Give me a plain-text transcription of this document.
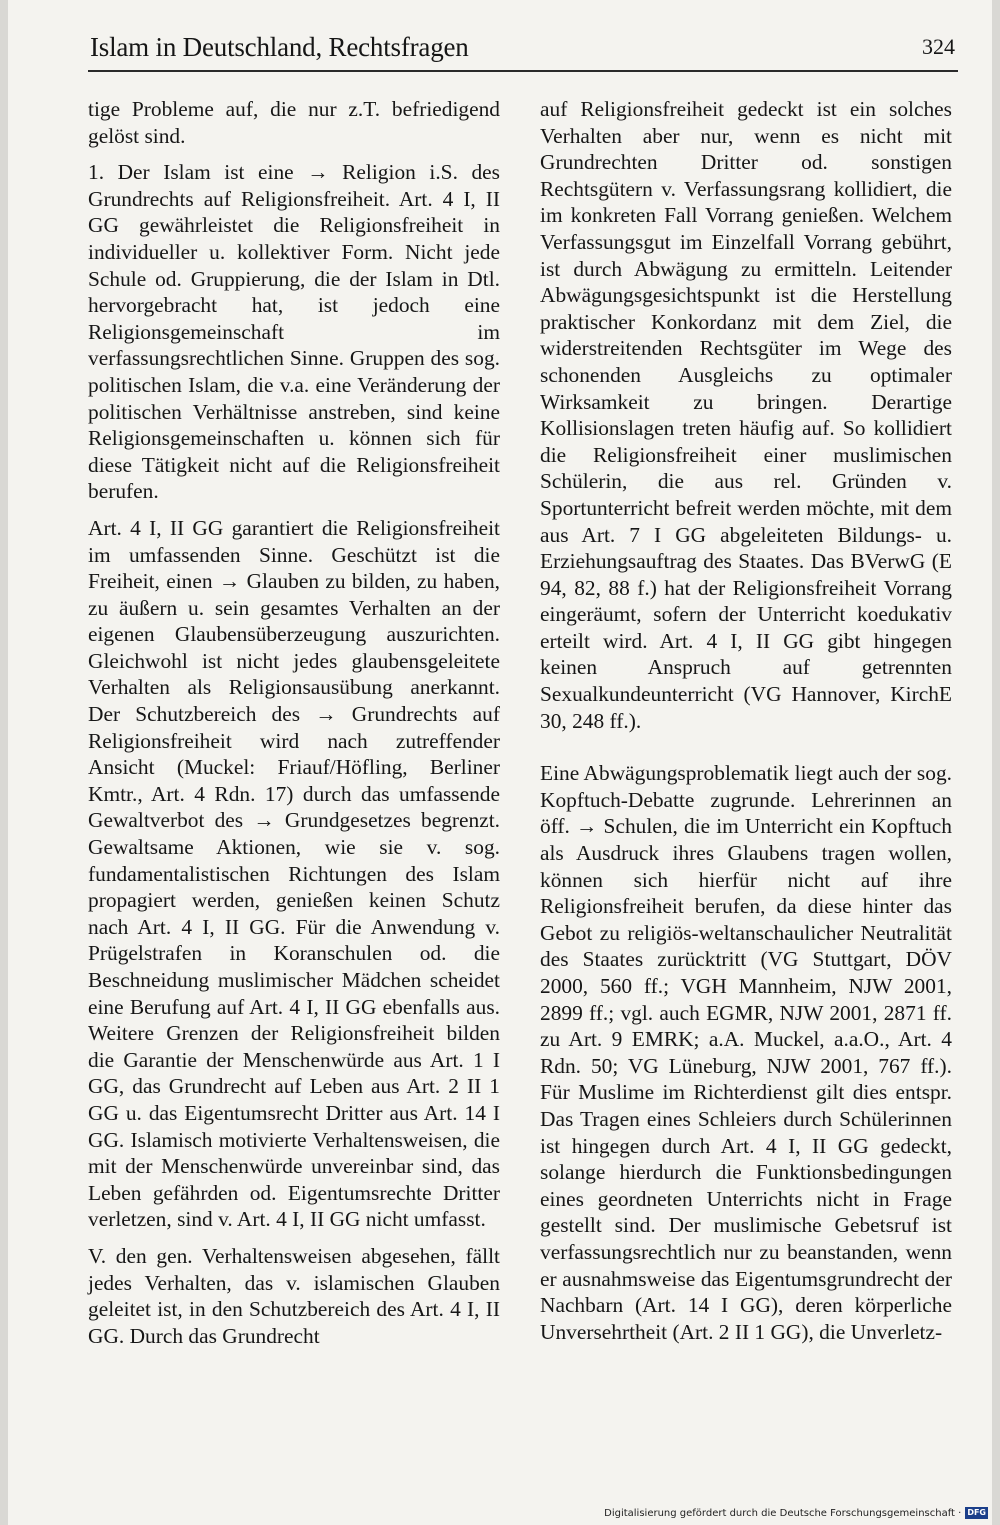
Islam in Deutschland, Rechtsfragen	324

tige Probleme auf, die nur z.T. befriedigend gelöst sind.

1. Der Islam ist eine → Religion i.S. des Grundrechts auf Religionsfreiheit. Art. 4 I, II GG gewährleistet die Religionsfreiheit in individueller u. kollektiver Form. Nicht jede Schule od. Gruppierung, die der Islam in Dtl. hervorgebracht hat, ist jedoch eine Religionsgemeinschaft im verfassungsrechtlichen Sinne. Gruppen des sog. politischen Islam, die v.a. eine Veränderung der politischen Verhältnisse anstreben, sind keine Religionsgemeinschaften u. können sich für diese Tätigkeit nicht auf die Religionsfreiheit berufen.

Art. 4 I, II GG garantiert die Religionsfreiheit im umfassenden Sinne. Geschützt ist die Freiheit, einen → Glauben zu bilden, zu haben, zu äußern u. sein gesamtes Verhalten an der eigenen Glaubensüberzeugung auszurichten. Gleichwohl ist nicht jedes glaubensgeleitete Verhalten als Religionsausübung anerkannt. Der Schutzbereich des → Grundrechts auf Religionsfreiheit wird nach zutreffender Ansicht (Muckel: Friauf/Höfling, Berliner Kmtr., Art. 4 Rdn. 17) durch das umfassende Gewaltverbot des → Grundgesetzes begrenzt. Gewaltsame Aktionen, wie sie v. sog. fundamentalistischen Richtungen des Islam propagiert werden, genießen keinen Schutz nach Art. 4 I, II GG. Für die Anwendung v. Prügelstrafen in Koranschulen od. die Beschneidung muslimischer Mädchen scheidet eine Berufung auf Art. 4 I, II GG ebenfalls aus. Weitere Grenzen der Religionsfreiheit bilden die Garantie der Menschenwürde aus Art. 1 I GG, das Grundrecht auf Leben aus Art. 2 II 1 GG u. das Eigentumsrecht Dritter aus Art. 14 I GG. Islamisch motivierte Verhaltensweisen, die mit der Menschenwürde unvereinbar sind, das Leben gefährden od. Eigentumsrechte Dritter verletzen, sind v. Art. 4 I, II GG nicht umfasst.

V. den gen. Verhaltensweisen abgesehen, fällt jedes Verhalten, das v. islamischen Glauben geleitet ist, in den Schutzbereich des Art. 4 I, II GG. Durch das Grundrecht

auf Religionsfreiheit gedeckt ist ein solches Verhalten aber nur, wenn es nicht mit Grundrechten Dritter od. sonstigen Rechtsgütern v. Verfassungsrang kollidiert, die im konkreten Fall Vorrang genießen. Welchem Verfassungsgut im Einzelfall Vorrang gebührt, ist durch Abwägung zu ermitteln. Leitender Abwägungsgesichtspunkt ist die Herstellung praktischer Konkordanz mit dem Ziel, die widerstreitenden Rechtsgüter im Wege des schonenden Ausgleichs zu optimaler Wirksamkeit zu bringen. Derartige Kollisionslagen treten häufig auf. So kollidiert die Religionsfreiheit einer muslimischen Schülerin, die aus rel. Gründen v. Sportunterricht befreit werden möchte, mit dem aus Art. 7 I GG abgeleiteten Bildungs- u. Erziehungsauftrag des Staates. Das BVerwG (E 94, 82, 88 f.) hat der Religionsfreiheit Vorrang eingeräumt, sofern der Unterricht koedukativ erteilt wird. Art. 4 I, II GG gibt hingegen keinen Anspruch auf getrennten Sexualkundeunterricht (VG Hannover, KirchE 30, 248 ff.).

Eine Abwägungsproblematik liegt auch der sog. Kopftuch-Debatte zugrunde. Lehrerinnen an öff. → Schulen, die im Unterricht ein Kopftuch als Ausdruck ihres Glaubens tragen wollen, können sich hierfür nicht auf ihre Religionsfreiheit berufen, da diese hinter das Gebot zu religiös-weltanschaulicher Neutralität des Staates zurücktritt (VG Stuttgart, DÖV 2000, 560 ff.; VGH Mannheim, NJW 2001, 2899 ff.; vgl. auch EGMR, NJW 2001, 2871 ff. zu Art. 9 EMRK; a.A. Muckel, a.a.O., Art. 4 Rdn. 50; VG Lüneburg, NJW 2001, 767 ff.). Für Muslime im Richterdienst gilt dies entspr. Das Tragen eines Schleiers durch Schülerinnen ist hingegen durch Art. 4 I, II GG gedeckt, solange hierdurch die Funktionsbedingungen eines geordneten Unterrichts nicht in Frage gestellt sind. Der muslimische Gebetsruf ist verfassungsrechtlich nur zu beanstanden, wenn er ausnahmsweise das Eigentumsgrundrecht der Nachbarn (Art. 14 I GG), deren körperliche Unversehrtheit (Art. 2 II 1 GG), die Unverletz-

Digitalisierung gefördert durch die Deutsche Forschungsgemeinschaft · DFG
